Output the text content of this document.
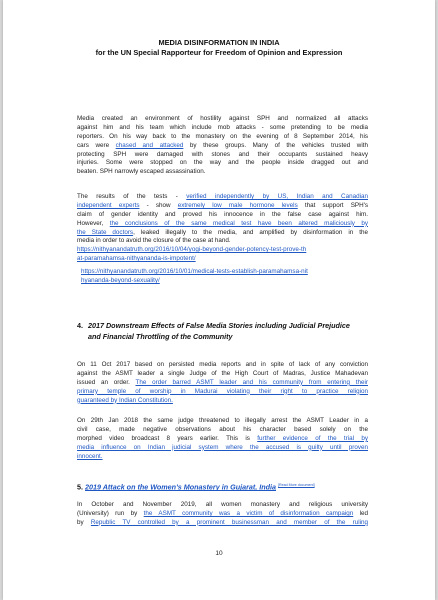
MEDIA DISINFORMATION IN INDIA
for the UN Special Rapporteur for Freedom of Opinion and Expression
Media created an environment of hostility against SPH and normalized all attacks
against him and his team which include mob attacks - some pretending to be media
reporters. On his way back to the monastery on the evening of 8 September 2014, his
cars were chased and attacked by these groups. Many of the vehicles trusted with
protecting SPH were damaged with stones and their occupants sustained heavy
injuries. Some were stopped on the way and the people inside dragged out and
beaten. SPH narrowly escaped assassination.
The results of the tests - verified independently by US, Indian and Canadian
independent experts - show extremely low male hormone levels that support SPH's
claim of gender identity and proved his innocence in the false case against him.
However, the conclusions of the same medical test have been altered maliciously by
the State doctors, leaked illegally to the media, and amplified by disinformation in the
media in order to avoid the closure of the case at hand.
https://nithyanandatruth.org/2016/10/04/yogi-beyond-gender-potency-test-prove-th
at-paramahamsa-nithyananda-is-impotent/
https://nithyanandatruth.org/2016/10/01/medical-tests-establish-paramahamsa-nit
hyananda-beyond-sexuality/
4. 2017 Downstream Effects of False Media Stories including Judicial Prejudice
and Financial Throttling of the Community
On 11 Oct 2017 based on persisted media reports and in spite of lack of any conviction
against the ASMT leader a single Judge of the High Court of Madras, Justice Mahadevan
issued an order. The order barred ASMT leader and his community from entering their
primary temple of worship in Madurai violating their right to practice religion
guaranteed by Indian Constitution.
On 29th Jan 2018 the same judge threatened to illegally arrest the ASMT Leader in a
civil case, made negative observations about his character based solely on the
morphed video broadcast 8 years earlier. This is further evidence of the trial by
media influence on Indian judicial system where the accused is guilty until proven
innocent.
5. 2019 Attack on the Women's Monastery in Gujarat, India [Read More document]
In October and November 2019, all women monastery and religious university
(University) run by the ASMT community was a victim of disinformation campaign led
by Republic TV controlled by a prominent businessman and member of the ruling
10
